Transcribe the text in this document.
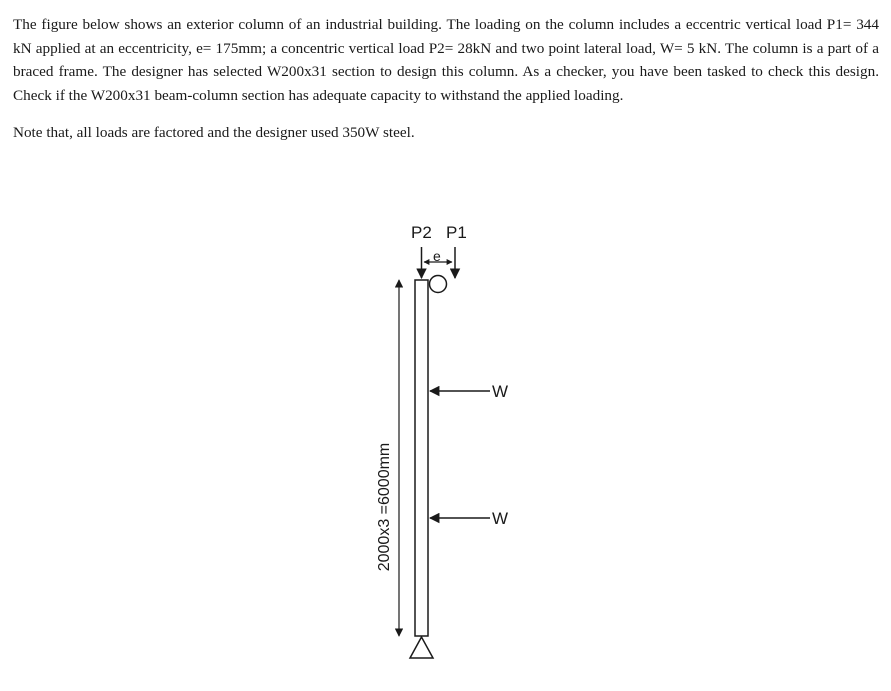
The figure below shows an exterior column of an industrial building. The loading on the column includes a eccentric vertical load P1= 344 kN applied at an eccentricity, e= 175mm; a concentric vertical load P2= 28kN and two point lateral load, W= 5 kN. The column is a part of a braced frame. The designer has selected W200x31 section to design this column. As a checker, you have been tasked to check this design. Check if the W200x31 beam-column section has adequate capacity to withstand the applied loading.

Note that, all loads are factored and the designer used 350W steel.

P2 P1
e
W
W
2000x3 =6000mm
